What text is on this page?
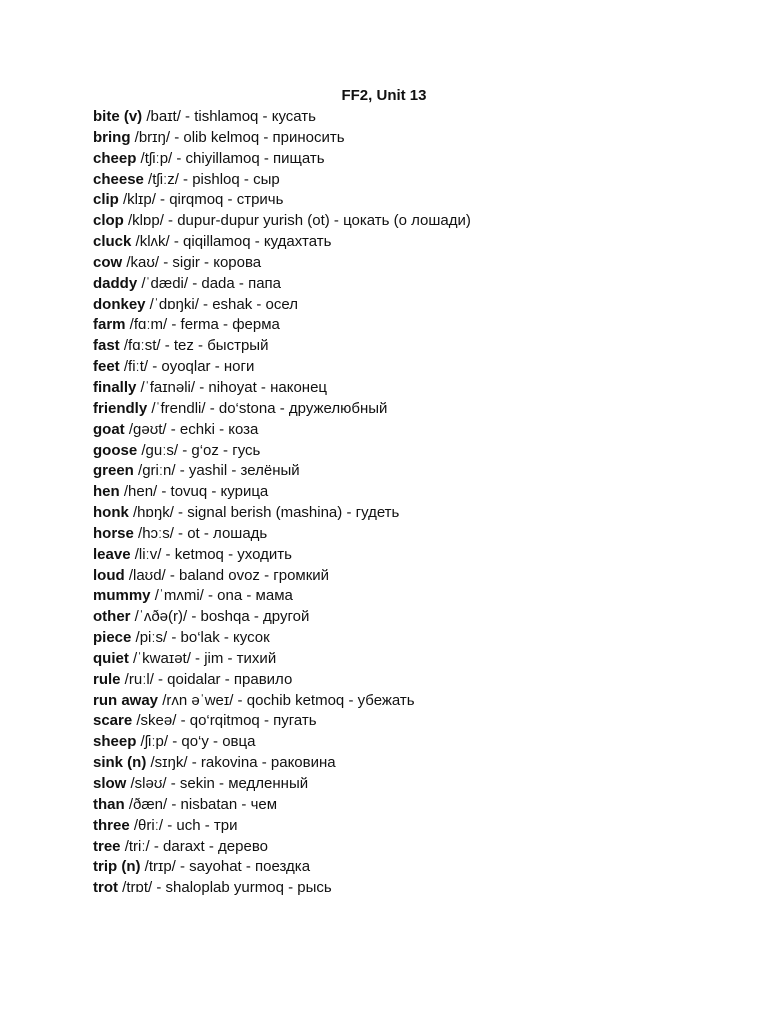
FF2, Unit 13
bite (v) /baɪt/ - tishlamoq - кусать
bring /brɪŋ/ - olib kelmoq - приносить
cheep /tʃiːp/ - chiyillamoq - пищать
cheese /tʃiːz/ - pishloq - сыр
clip /klɪp/ - qirqmoq - стричь
clop /klɒp/ - dupur-dupur yurish (ot) - цокать (о лошади)
cluck /klʌk/ - qiqillamoq - кудахтать
cow /kaʊ/ - sigir - корова
daddy /ˈdædi/ - dada - папа
donkey /ˈdɒŋki/ - eshak - осел
farm /fɑːm/ - ferma - ферма
fast /fɑːst/ - tez - быстрый
feet /fiːt/ - oyoqlar - ноги
finally /ˈfaɪnəli/ - nihoyat - наконец
friendly /ˈfrendli/ - do‘stona - дружелюбный
goat /gəʊt/ - echki - коза
goose /guːs/ - g‘oz - гусь
green /griːn/ - yashil - зелёный
hen /hen/ - tovuq - курица
honk /hɒŋk/ - signal berish (mashina) - гудеть
horse /hɔːs/ - ot - лошадь
leave /liːv/ - ketmoq - уходить
loud /laʊd/ - baland ovoz - громкий
mummy /ˈmʌmi/ - ona - мама
other /ˈʌðə(r)/ - boshqa - другой
piece /piːs/ - bo‘lak - кусок
quiet /ˈkwaɪət/ - jim - тихий
rule /ruːl/ - qoidalar - правило
run away /rʌn əˈweɪ/ - qochib ketmoq - убежать
scare /skeə/ - qo‘rqitmoq - пугать
sheep /ʃiːp/ - qo‘y - овца
sink (n) /sɪŋk/ - rakovina - раковина
slow /sləʊ/ - sekin - медленный
than /ðæn/ - nisbatan - чем
three /θriː/ - uch - три
tree /triː/ - daraxt - дерево
trip (n) /trɪp/ - sayohat - поездка
trot /trɒt/ - shaloplab yurmoq - рысь
